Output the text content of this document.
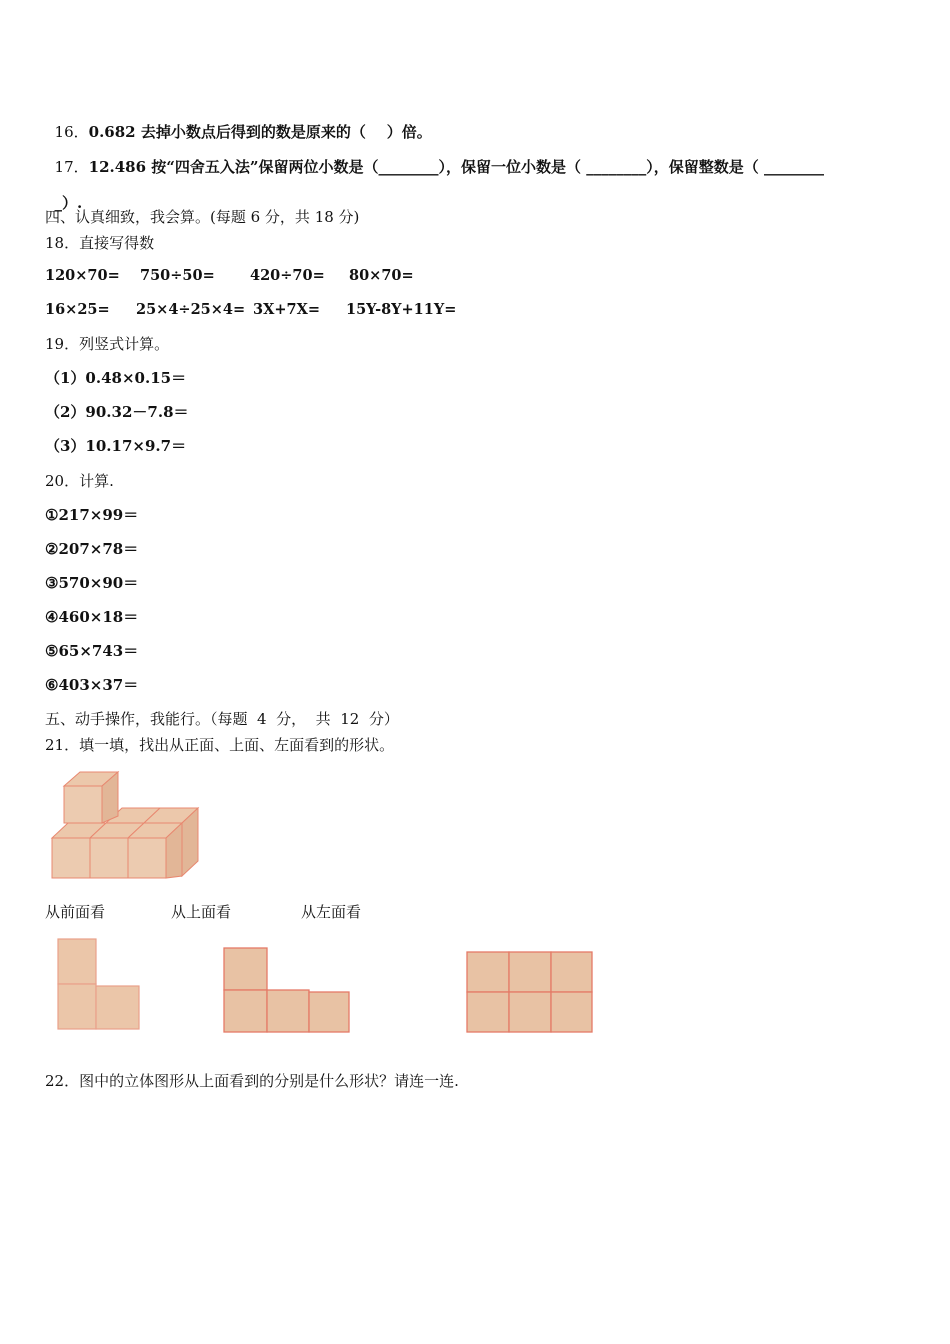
16．0.682 去掉小数点后得到的数是原来的（    ）倍。

17．12.486 按“四舍五入法”保留两位小数是（________），保留一位小数是（ ________），保留整数是（ ________

_）.

四、认真细致，我会算。(每题 6 分，共 18 分)
18．直接写得数
120×70= 750÷50= 420÷70= 80×70=
16×25= 25×4÷25×4= 3X+7X= 15Y-8Y+11Y=
19．列竖式计算。
（1）0.48×0.15＝
（2）90.32－7.8＝
（3）10.17×9.7＝
20．计算.
①217×99＝
②207×78＝
③570×90＝
④460×18＝
⑤65×743＝
⑥403×37＝
五、动手操作，我能行。（每题  4  分，  共  12  分）
21．填一填，找出从正面、上面、左面看到的形状。
从前面看	从上面看	从左面看
22．图中的立体图形从上面看到的分别是什么形状？请连一连.
